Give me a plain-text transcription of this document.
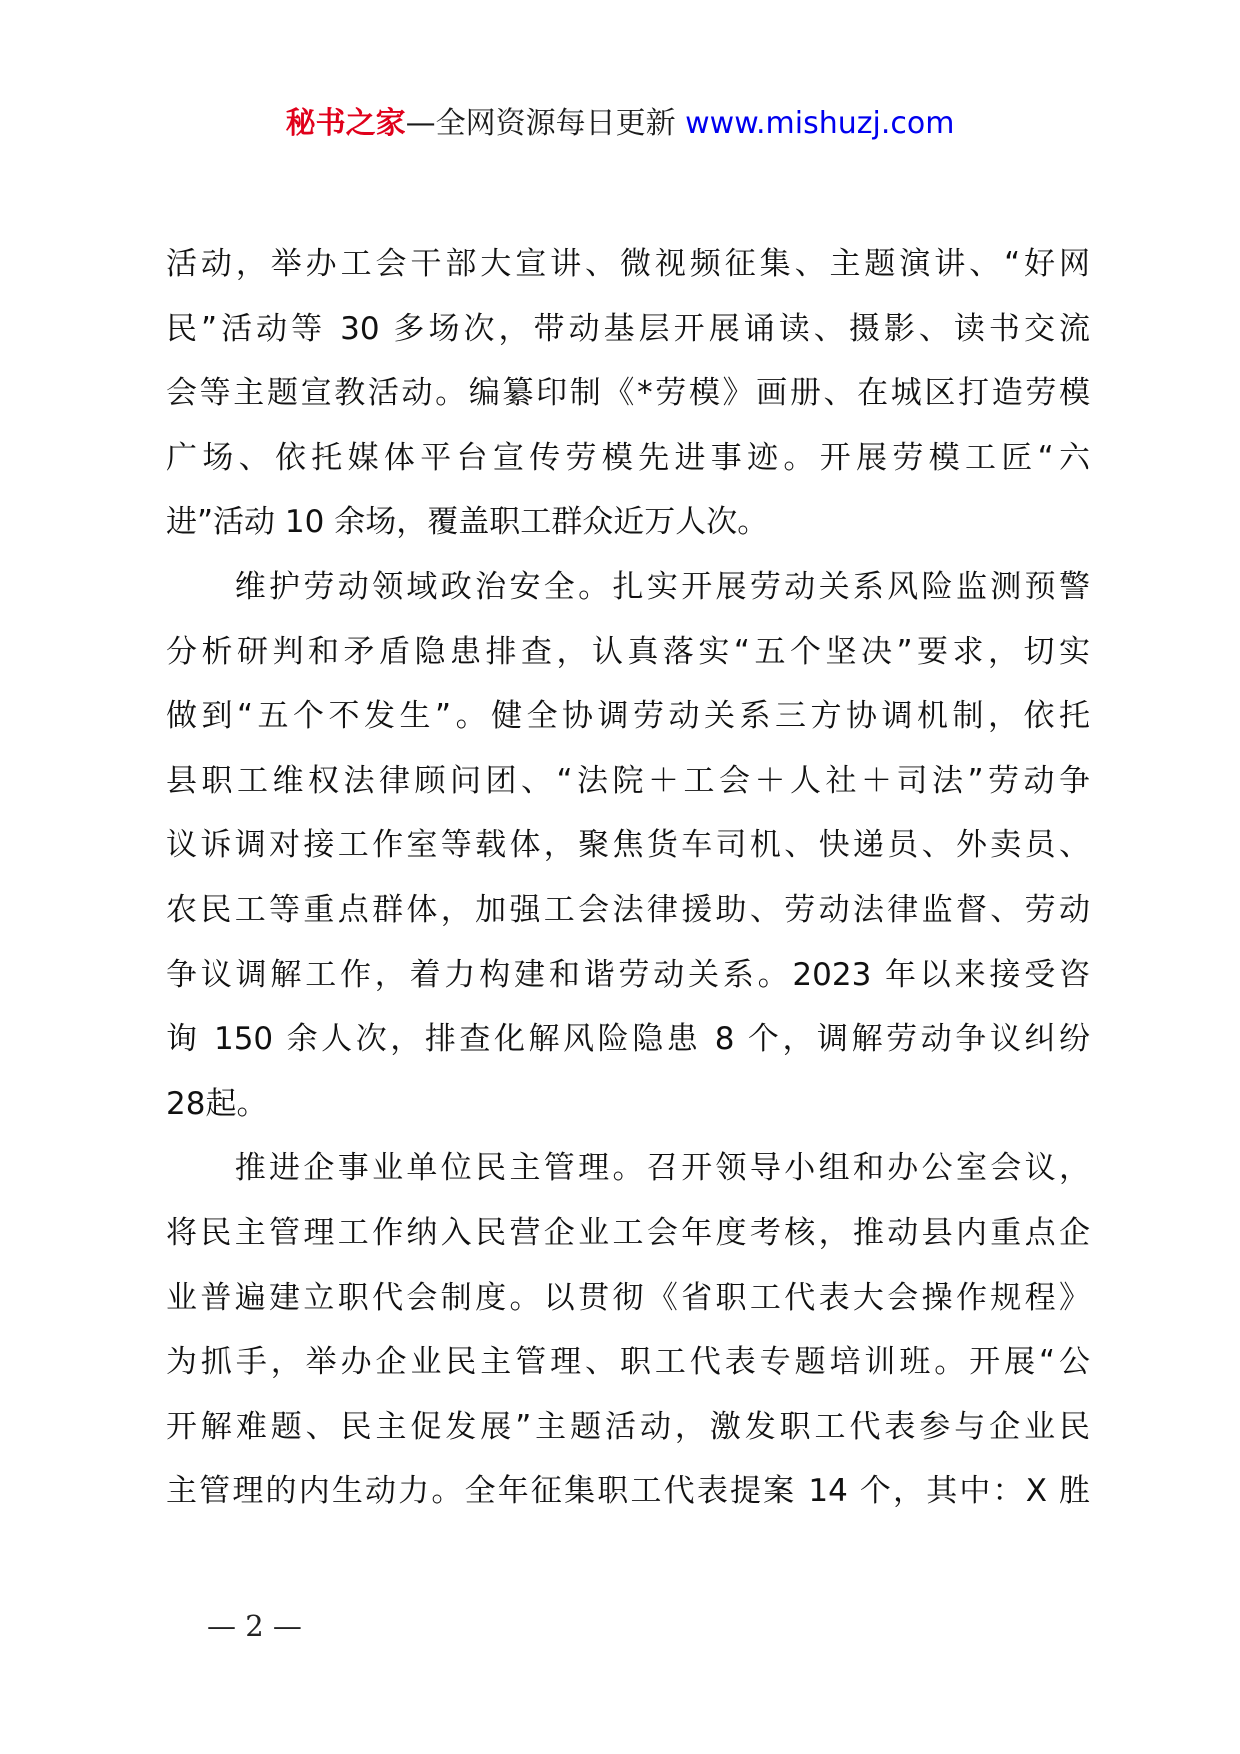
秘书之家—全网资源每日更新 www.mishuzj.com
活动，举办工会干部大宣讲、微视频征集、主题演讲、“好网
民”活动等 30 多场次，带动基层开展诵读、摄影、读书交流
会等主题宣教活动。编纂印制《*劳模》画册、在城区打造劳模
广场、依托媒体平台宣传劳模先进事迹。开展劳模工匠“六
进”活动 10 余场，覆盖职工群众近万人次。
　　维护劳动领域政治安全。扎实开展劳动关系风险监测预警
分析研判和矛盾隐患排查，认真落实“五个坚决”要求，切实
做到“五个不发生”。健全协调劳动关系三方协调机制，依托
县职工维权法律顾问团、“法院＋工会＋人社＋司法”劳动争
议诉调对接工作室等载体，聚焦货车司机、快递员、外卖员、
农民工等重点群体，加强工会法律援助、劳动法律监督、劳动
争议调解工作，着力构建和谐劳动关系。2023 年以来接受咨
询 150 余人次，排查化解风险隐患 8 个，调解劳动争议纠纷
28起。
　　推进企事业单位民主管理。召开领导小组和办公室会议，
将民主管理工作纳入民营企业工会年度考核，推动县内重点企
业普遍建立职代会制度。以贯彻《省职工代表大会操作规程》
为抓手，举办企业民主管理、职工代表专题培训班。开展“公
开解难题、民主促发展”主题活动，激发职工代表参与企业民
主管理的内生动力。全年征集职工代表提案 14 个，其中：X 胜
— 2 —
